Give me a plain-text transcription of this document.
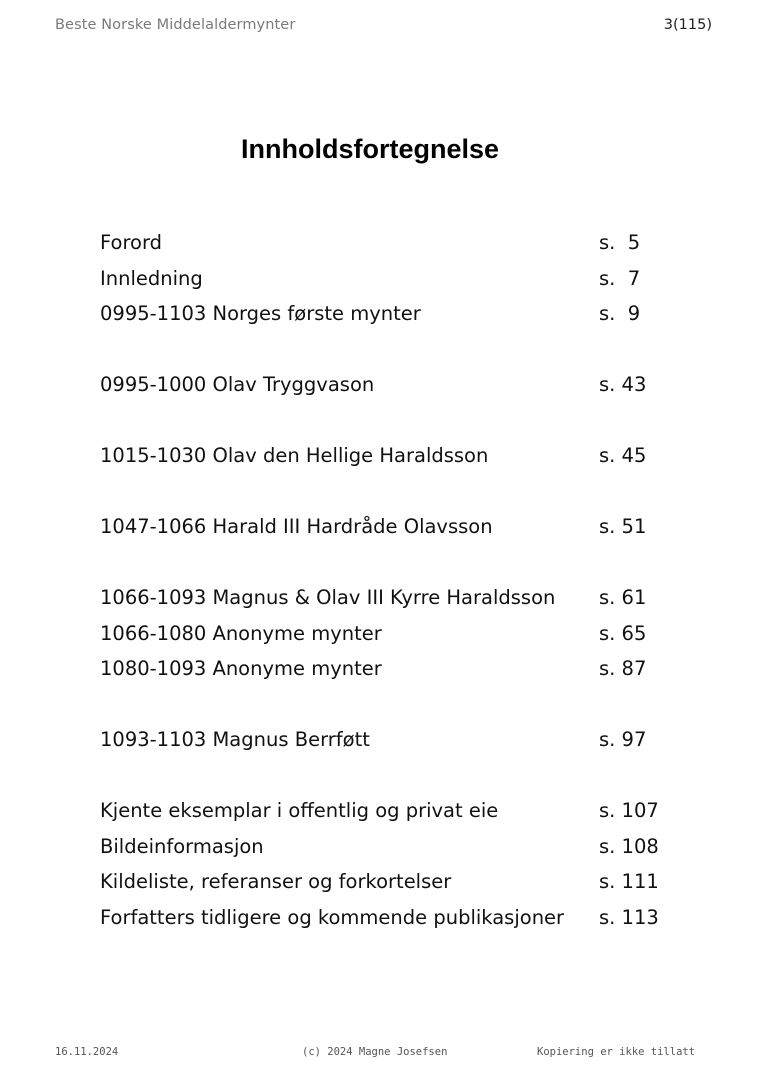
Beste Norske Middelaldermynter	3(115)
Innholdsfortegnelse
Forord	s.  5
Innledning	s.  7
0995-1103 Norges første mynter	s.  9
0995-1000 Olav Tryggvason	s. 43
1015-1030 Olav den Hellige Haraldsson	s. 45
1047-1066 Harald III Hardråde Olavsson	s. 51
1066-1093 Magnus & Olav III Kyrre Haraldsson s. 61
1066-1080 Anonyme mynter	s. 65
1080-1093 Anonyme mynter	s. 87
1093-1103 Magnus Berrføtt	s. 97
Kjente eksemplar i offentlig og privat eie	s. 107
Bildeinformasjon	s. 108
Kildeliste, referanser og forkortelser	s. 111
Forfatters tidligere og kommende publikasjoner s. 113
16.11.2024	(c) 2024 Magne Josefsen	Kopiering er ikke tillatt
